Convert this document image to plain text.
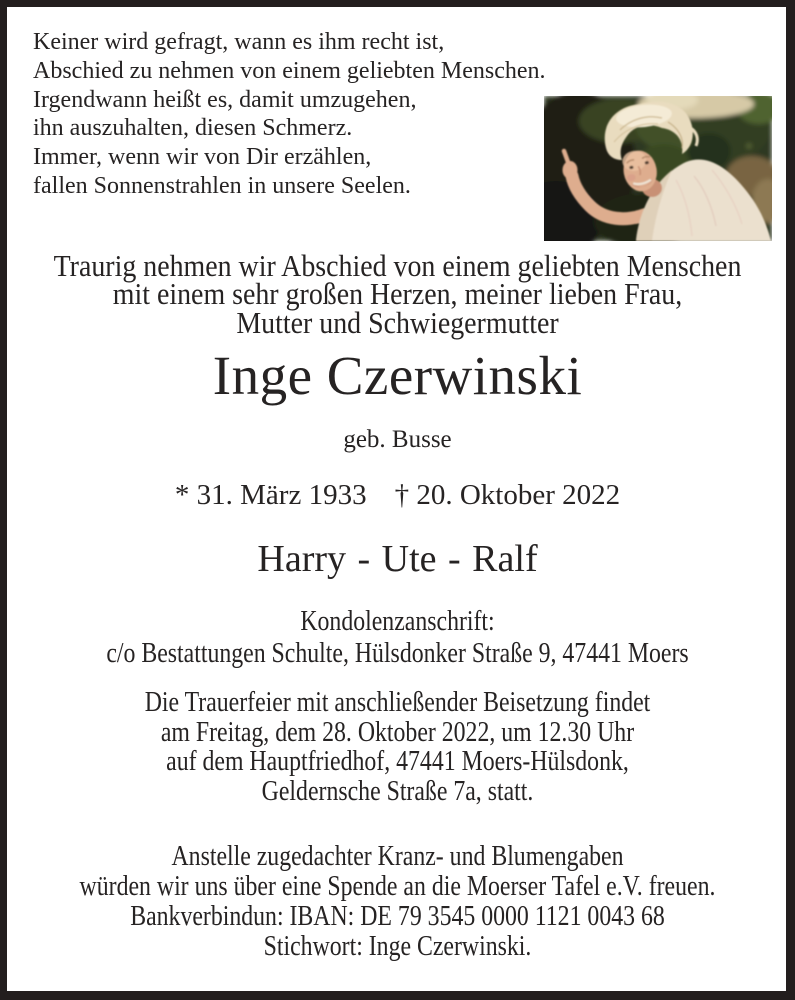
Keiner wird gefragt, wann es ihm recht ist,
Abschied zu nehmen von einem geliebten Menschen.
Irgendwann heißt es, damit umzugehen,
ihn auszuhalten, diesen Schmerz.
Immer, wenn wir von Dir erzählen,
fallen Sonnenstrahlen in unsere Seelen.
Traurig nehmen wir Abschied von einem geliebten Menschen
mit einem sehr großen Herzen, meiner lieben Frau,
Mutter und Schwiegermutter
Inge Czerwinski
geb. Busse
* 31. März 1933 † 20. Oktober 2022
Harry - Ute - Ralf
Kondolenzanschrift:
c/o Bestattungen Schulte, Hülsdonker Straße 9, 47441 Moers
Die Trauerfeier mit anschließender Beisetzung findet
am Freitag, dem 28. Oktober 2022, um 12.30 Uhr
auf dem Hauptfriedhof, 47441 Moers-Hülsdonk,
Geldernsche Straße 7a, statt.
Anstelle zugedachter Kranz- und Blumengaben
würden wir uns über eine Spende an die Moerser Tafel e.V. freuen.
Bankverbindun: IBAN: DE 79 3545 0000 1121 0043 68
Stichwort: Inge Czerwinski.
